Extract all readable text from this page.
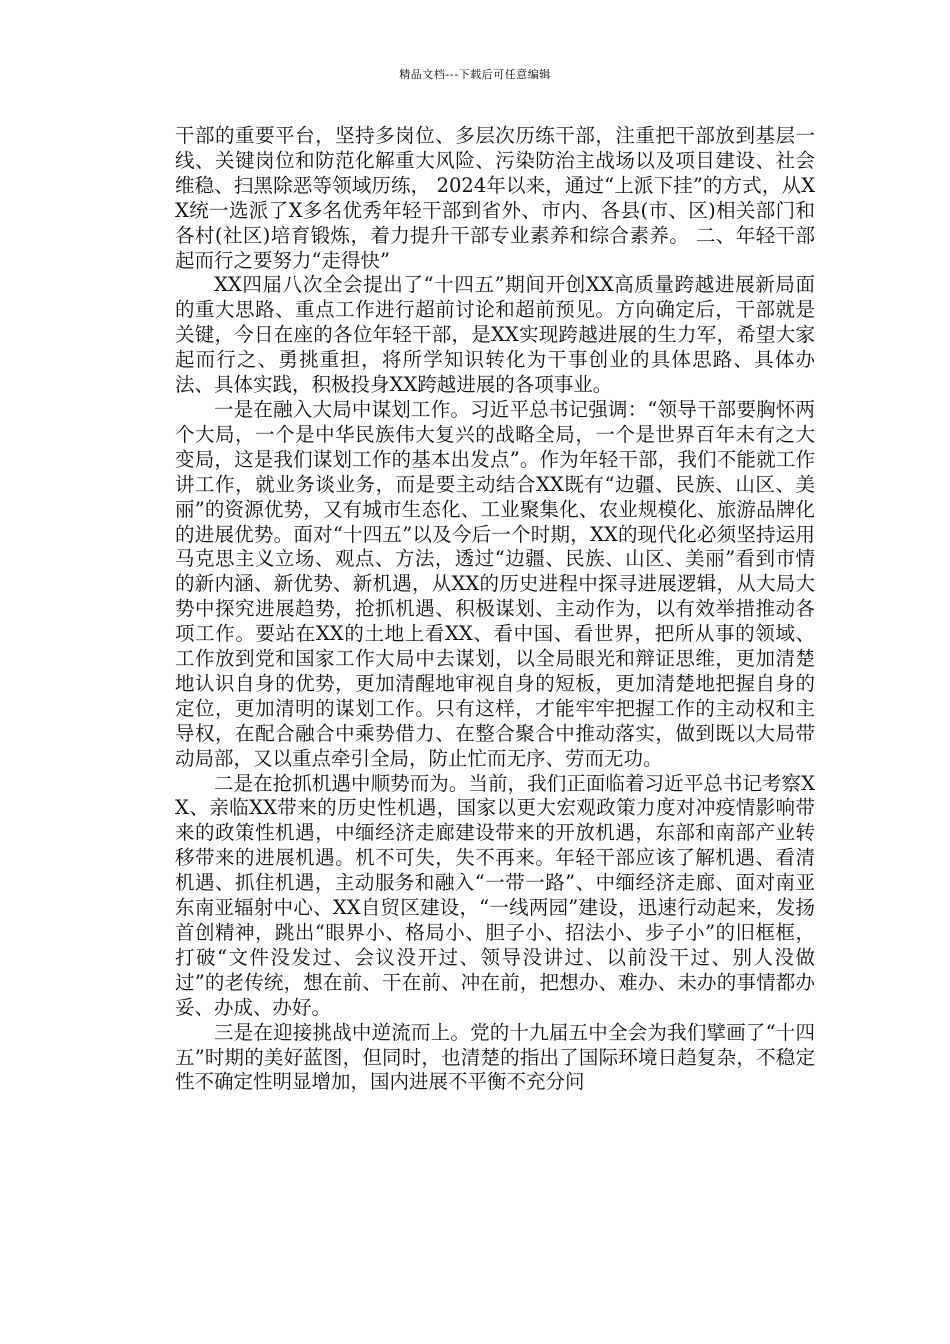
精品文档---下载后可任意编辑

干部的重要平台，坚持多岗位、多层次历练干部，注重把干部放到基层一线、关键岗位和防范化解重大风险、污染防治主战场以及项目建设、社会维稳、扫黑除恶等领域历练， 2024年以来，通过“上派下挂”的方式，从XX统一选派了X多名优秀年轻干部到省外、市内、各县(市、区)相关部门和各村(社区)培育锻炼，着力提升干部专业素养和综合素养。 二、年轻干部起而行之要努力“走得快”

XX四届八次全会提出了“十四五”期间开创XX高质量跨越进展新局面的重大思路、重点工作进行超前讨论和超前预见。方向确定后，干部就是关键，今日在座的各位年轻干部，是XX实现跨越进展的生力军，希望大家起而行之、勇挑重担，将所学知识转化为干事创业的具体思路、具体办法、具体实践，积极投身XX跨越进展的各项事业。

一是在融入大局中谋划工作。习近平总书记强调：“领导干部要胸怀两个大局，一个是中华民族伟大复兴的战略全局，一个是世界百年未有之大变局，这是我们谋划工作的基本出发点”。作为年轻干部，我们不能就工作讲工作，就业务谈业务，而是要主动结合XX既有“边疆、民族、山区、美丽”的资源优势，又有城市生态化、工业聚集化、农业规模化、旅游品牌化的进展优势。面对“十四五”以及今后一个时期，XX的现代化必须坚持运用马克思主义立场、观点、方法，透过“边疆、民族、山区、美丽”看到市情的新内涵、新优势、新机遇，从XX的历史进程中探寻进展逻辑，从大局大势中探究进展趋势，抢抓机遇、积极谋划、主动作为，以有效举措推动各项工作。要站在XX的土地上看XX、看中国、看世界，把所从事的领域、工作放到党和国家工作大局中去谋划，以全局眼光和辩证思维，更加清楚地认识自身的优势，更加清醒地审视自身的短板，更加清楚地把握自身的定位，更加清明的谋划工作。只有这样，才能牢牢把握工作的主动权和主导权，在配合融合中乘势借力、在整合聚合中推动落实，做到既以大局带动局部，又以重点牵引全局，防止忙而无序、劳而无功。

二是在抢抓机遇中顺势而为。当前，我们正面临着习近平总书记考察XX、亲临XX带来的历史性机遇，国家以更大宏观政策力度对冲疫情影响带来的政策性机遇，中缅经济走廊建设带来的开放机遇，东部和南部产业转移带来的进展机遇。机不可失，失不再来。年轻干部应该了解机遇、看清机遇、抓住机遇，主动服务和融入“一带一路”、中缅经济走廊、面对南亚东南亚辐射中心、XX自贸区建设，“一线两园”建设，迅速行动起来，发扬首创精神，跳出“眼界小、格局小、胆子小、招法小、步子小”的旧框框，打破“文件没发过、会议没开过、领导没讲过、以前没干过、别人没做过”的老传统，想在前、干在前、冲在前，把想办、难办、未办的事情都办妥、办成、办好。

三是在迎接挑战中逆流而上。党的十九届五中全会为我们擘画了“十四五”时期的美好蓝图，但同时，也清楚的指出了国际环境日趋复杂，不稳定性不确定性明显增加，国内进展不平衡不充分问
